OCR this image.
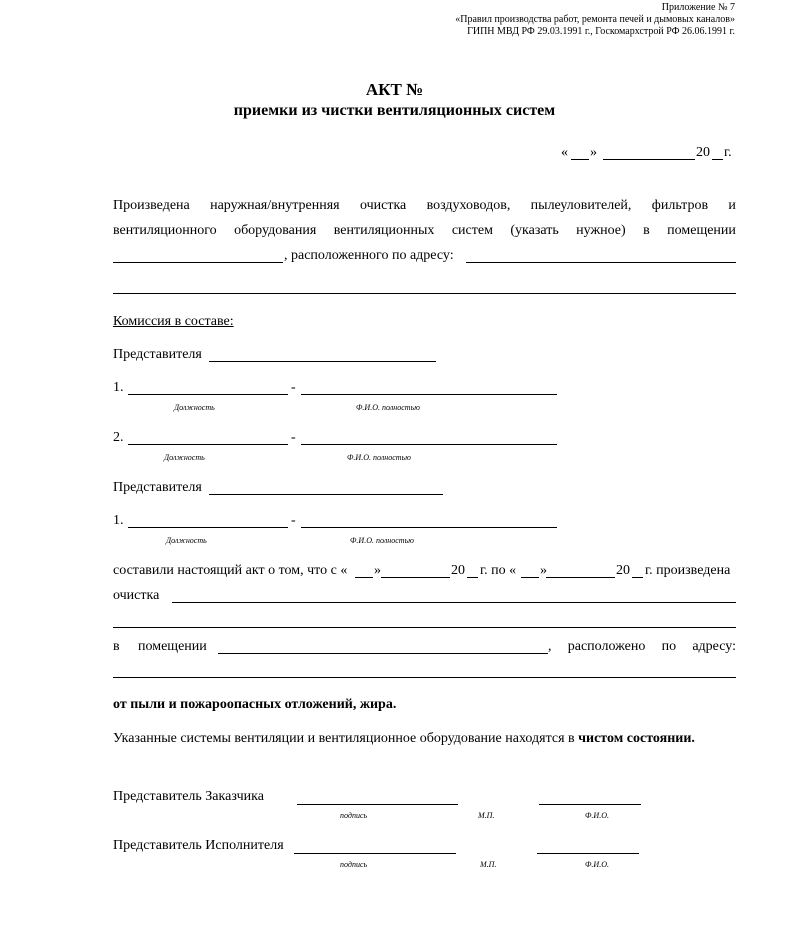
Приложение № 7
«Правил производства работ, ремонта печей и дымовых каналов»
ГИПН МВД РФ 29.03.1991 г., Госкомархстрой РФ 26.06.1991 г.
АКТ №
приемки из чистки вентиляционных систем
« »	20 г.
Произведена наружная/внутренняя очистка воздуховодов, пылеуловителей, фильтров и
вентиляционного оборудования вентиляционных систем (указать нужное) в помещении
, расположенного по адресу:
Комиссия в составе:
Представителя
1.	-
Должность	Ф.И.О. полностью
2.	-
Должность	Ф.И.О. полностью
Представителя
1.	-
Должность	Ф.И.О. полностью
составили настоящий акт о том, что с « »	20 г. по « »	20 г. произведена
очистка
в помещении	, расположено по адресу:
от пыли и пожароопасных отложений, жира.
Указанные системы вентиляции и вентиляционное оборудование находятся в чистом состоянии.
Представитель Заказчика
подпись	М.П.	Ф.И.О.
Представитель Исполнителя
подпись	М.П.	Ф.И.О.
